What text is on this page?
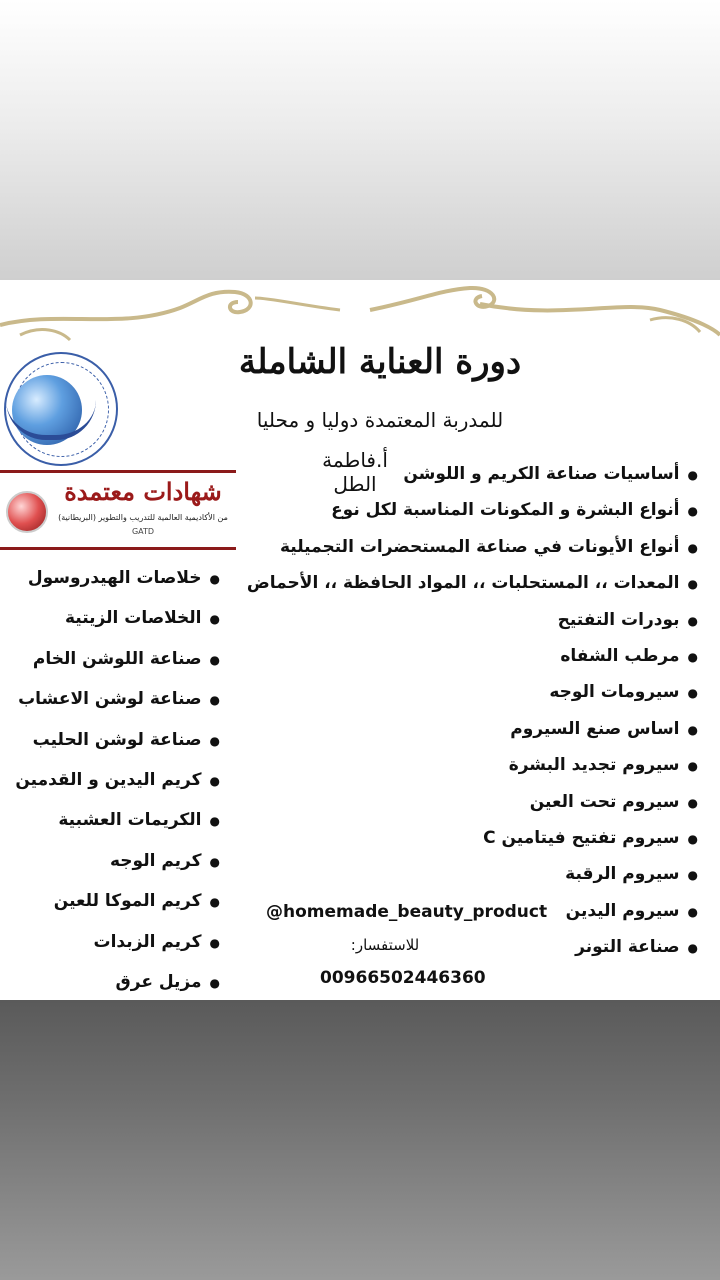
دورة العناية الشاملة
للمدربة المعتمدة دوليا و محليا
أ.فاطمة الطل
شهادات معتمدة
من الأكاديمية العالمية للتدريب والتطوير (البريطانية)
GATD
● أساسيات صناعة الكريم و اللوشن
● أنواع البشرة و المكونات المناسبة لكل نوع
● أنواع الأيونات في صناعة المستحضرات التجميلية
● المعدات ،، المستحلبات ،، المواد الحافظة ،، الأحماض
● بودرات التفتيح
● مرطب الشفاه
● سيرومات الوجه
● اساس صنع السيروم
● سيروم تجديد البشرة
● سيروم تحت العين
● سيروم تفتيح فيتامين C
● سيروم الرقبة
● سيروم اليدين
● صناعة التونر
● خلاصات الهيدروسول
● الخلاصات الزيتية
● صناعة اللوشن الخام
● صناعة لوشن الاعشاب
● صناعة لوشن الحليب
● كريم اليدين و القدمين
● الكريمات العشبية
● كريم الوجه
● كريم الموكا للعين
● كريم الزبدات
● مزيل عرق
@homemade_beauty_product
للاستفسار:
00966502446360
